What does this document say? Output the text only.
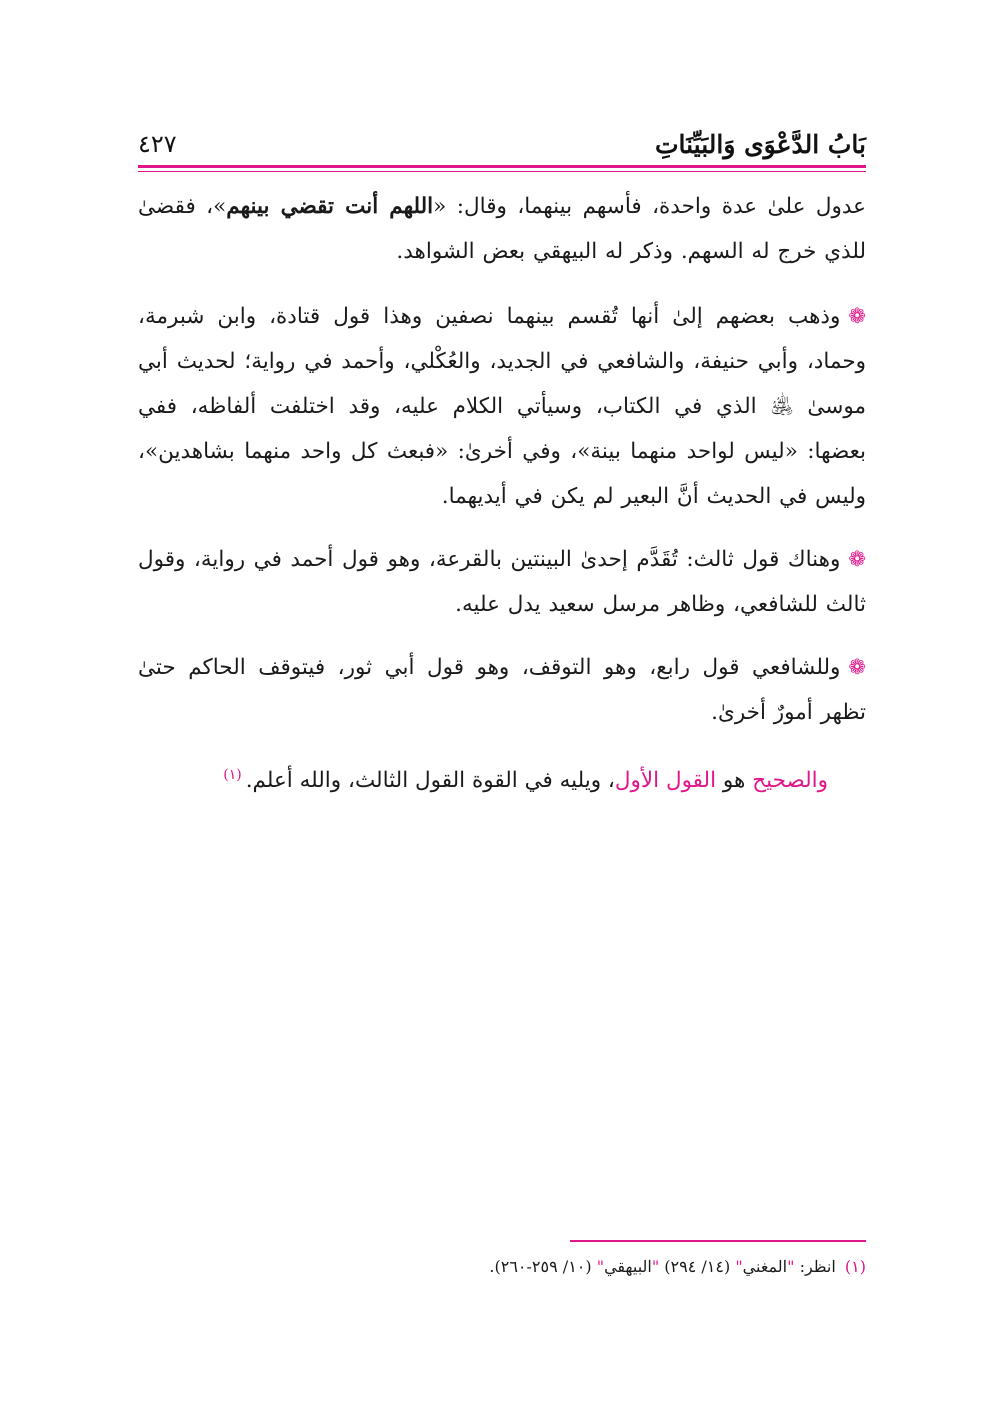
بَابُ الدَّعْوَى وَالبَيِّنَاتِ
٤٢٧

عدول علىٰ عدة واحدة، فأسهم بينهما، وقال: «اللهم أنت تقضي بينهم»، فقضىٰ للذي خرج له السهم. وذكر له البيهقي بعض الشواهد.

❁وذهب بعضهم إلىٰ أنها تُقسم بينهما نصفين وهذا قول قتادة، وابن شبرمة، وحماد، وأبي حنيفة، والشافعي في الجديد، والعُكْلي، وأحمد في رواية؛ لحديث أبي موسىٰ ﵁ الذي في الكتاب، وسيأتي الكلام عليه، وقد اختلفت ألفاظه، ففي بعضها: «ليس لواحد منهما بينة»، وفي أخرىٰ: «فبعث كل واحد منهما بشاهدين»، وليس في الحديث أنَّ البعير لم يكن في أيديهما.

❁وهناك قول ثالث: تُقَدَّم إحدىٰ البينتين بالقرعة، وهو قول أحمد في رواية، وقول ثالث للشافعي، وظاهر مرسل سعيد يدل عليه.

❁وللشافعي قول رابع، وهو التوقف، وهو قول أبي ثور، فيتوقف الحاكم حتىٰ تظهر أمورٌ أخرىٰ.

والصحيح هو القول الأول، ويليه في القوة القول الثالث، والله أعلم.$^{(١)}$

(١) انظر: "المغني" (١٤/ ٢٩٤) "البيهقي" (١٠/ ٢٥٩-٢٦٠).
